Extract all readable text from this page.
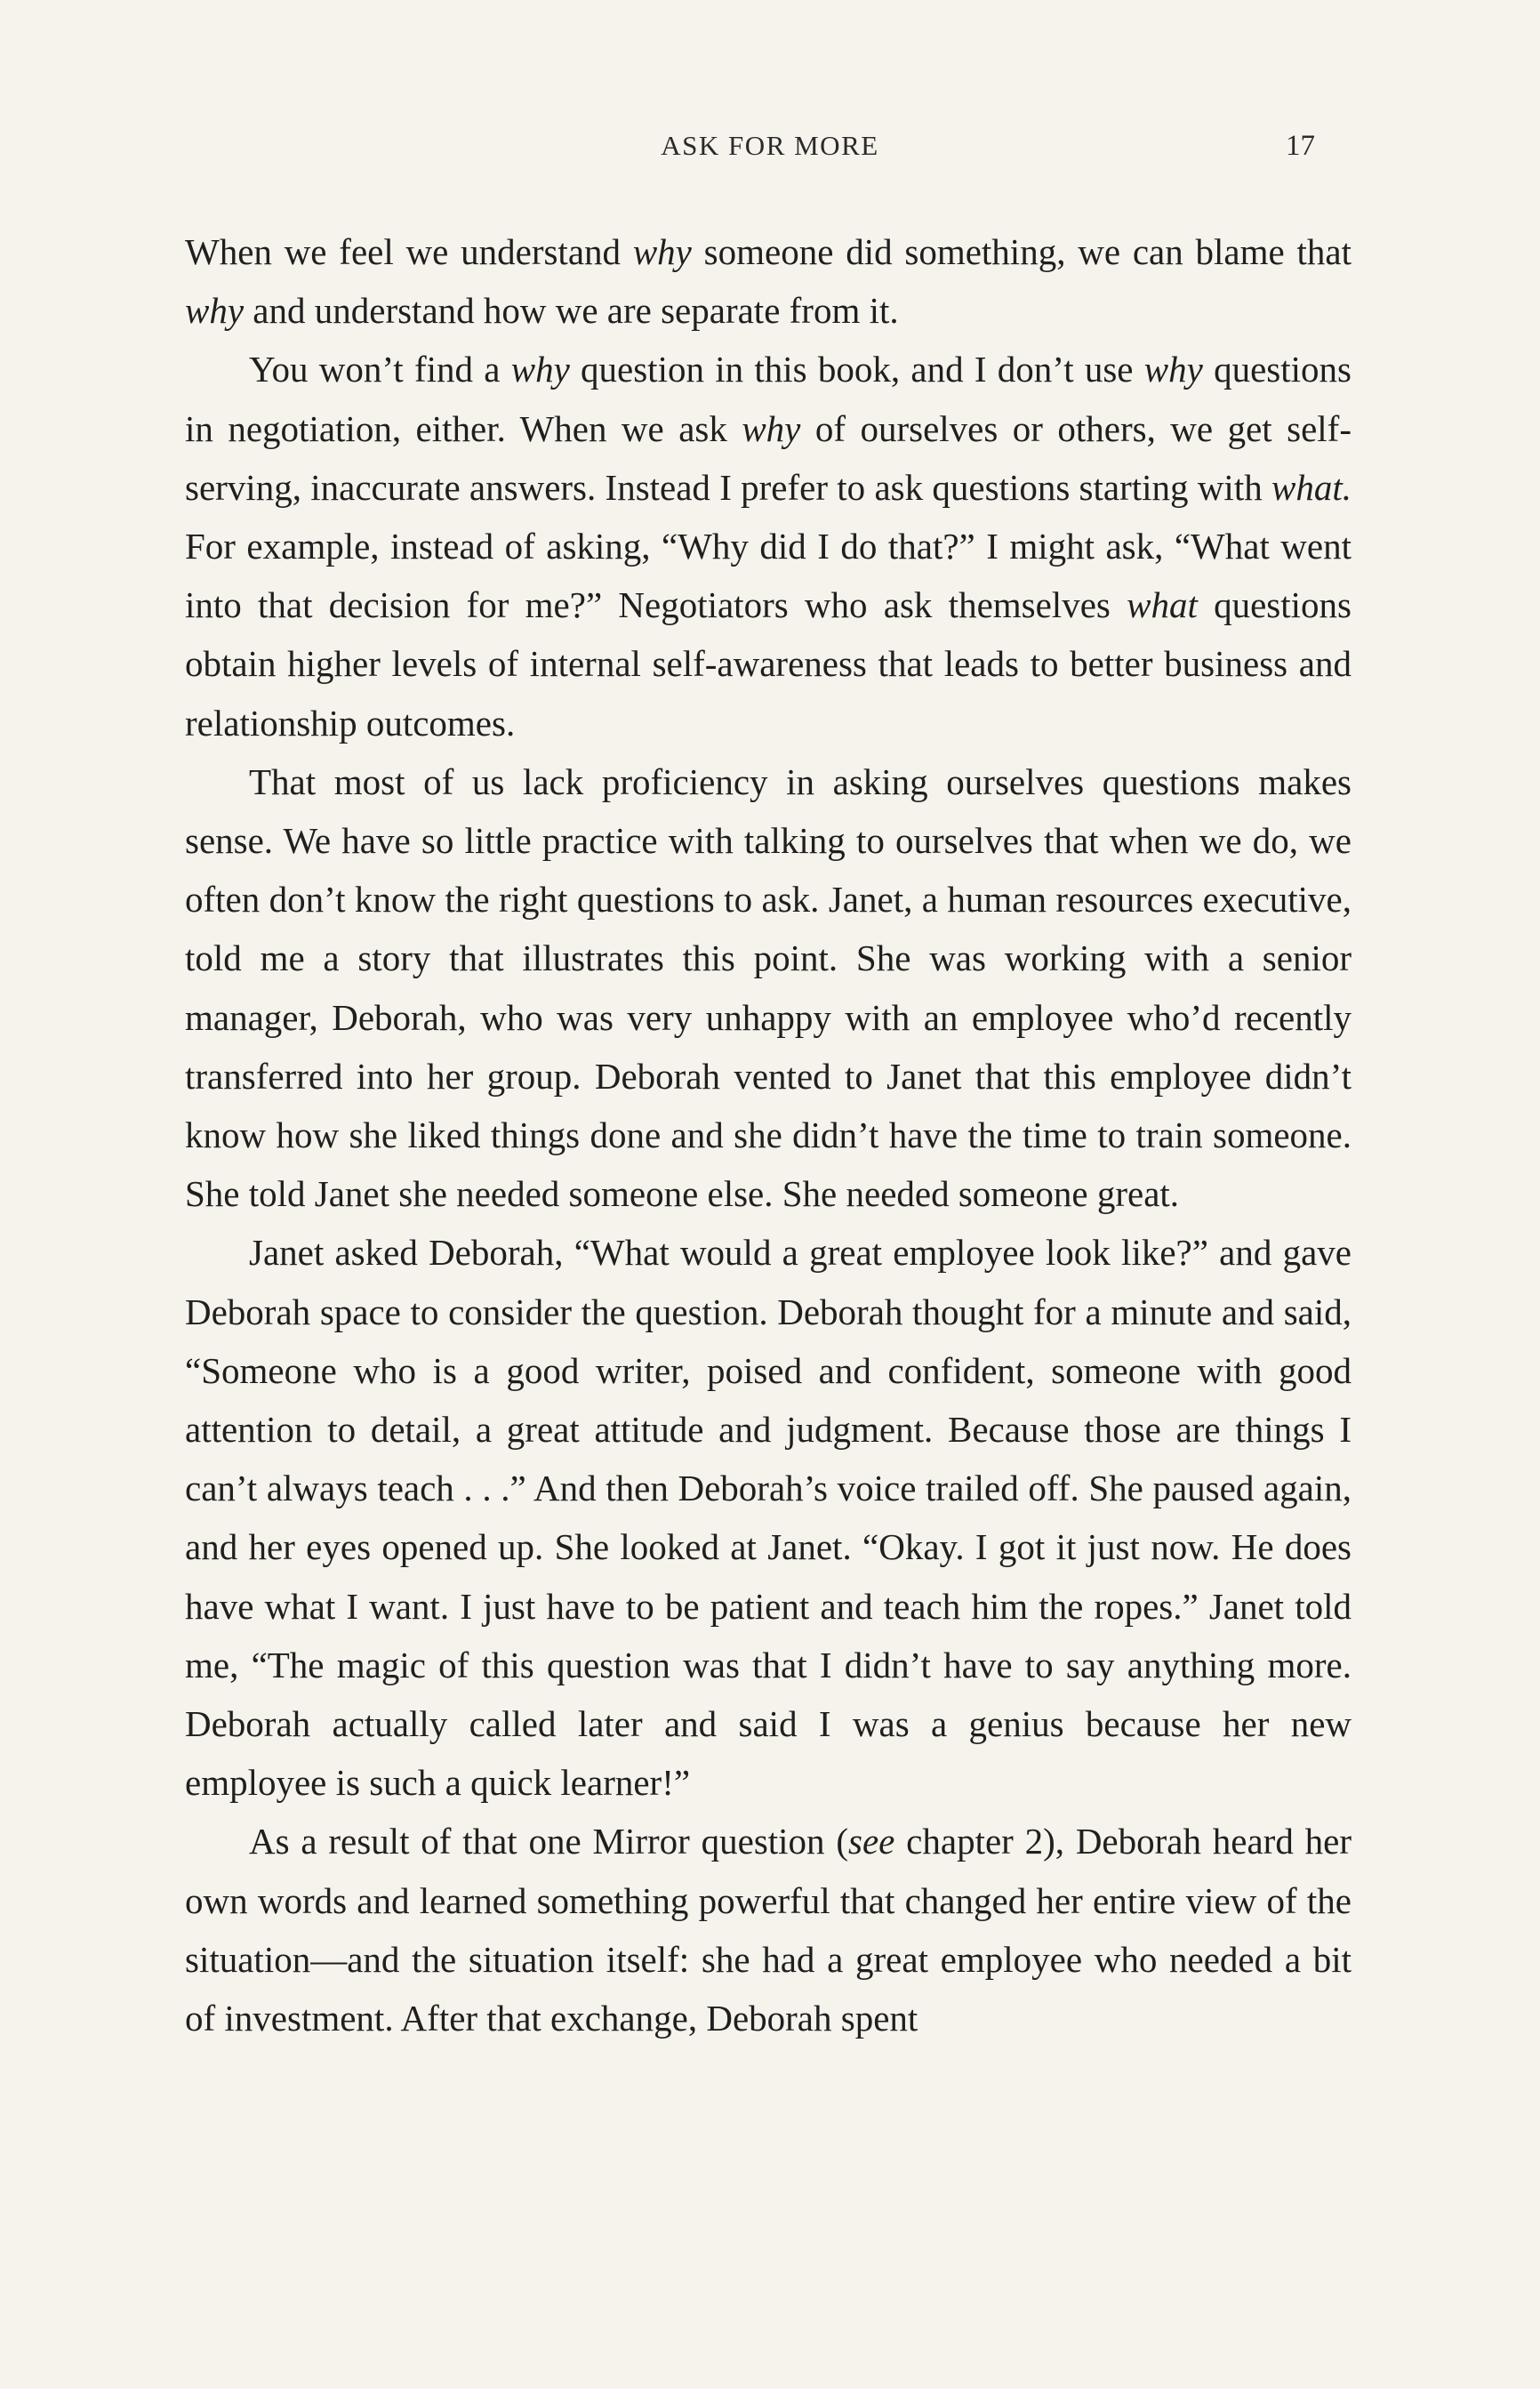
ASK FOR MORE	17

When we feel we understand why someone did something, we can blame that why and understand how we are separate from it.

You won’t find a why question in this book, and I don’t use why questions in negotiation, either. When we ask why of ourselves or others, we get self-serving, inaccurate answers. Instead I prefer to ask questions starting with what. For example, instead of asking, “Why did I do that?” I might ask, “What went into that decision for me?” Negotiators who ask themselves what questions obtain higher levels of internal self-awareness that leads to better business and relationship outcomes.

That most of us lack proficiency in asking ourselves questions makes sense. We have so little practice with talking to ourselves that when we do, we often don’t know the right questions to ask. Janet, a human resources executive, told me a story that illustrates this point. She was working with a senior manager, Deborah, who was very unhappy with an employee who’d recently transferred into her group. Deborah vented to Janet that this employee didn’t know how she liked things done and she didn’t have the time to train someone. She told Janet she needed someone else. She needed someone great.

Janet asked Deborah, “What would a great employee look like?” and gave Deborah space to consider the question. Deborah thought for a minute and said, “Someone who is a good writer, poised and confident, someone with good attention to detail, a great attitude and judgment. Because those are things I can’t always teach . . .” And then Deborah’s voice trailed off. She paused again, and her eyes opened up. She looked at Janet. “Okay. I got it just now. He does have what I want. I just have to be patient and teach him the ropes.” Janet told me, “The magic of this question was that I didn’t have to say anything more. Deborah actually called later and said I was a genius because her new employee is such a quick learner!”

As a result of that one Mirror question (see chapter 2), Deborah heard her own words and learned something powerful that changed her entire view of the situation—and the situation itself: she had a great employee who needed a bit of investment. After that exchange, Deborah spent
